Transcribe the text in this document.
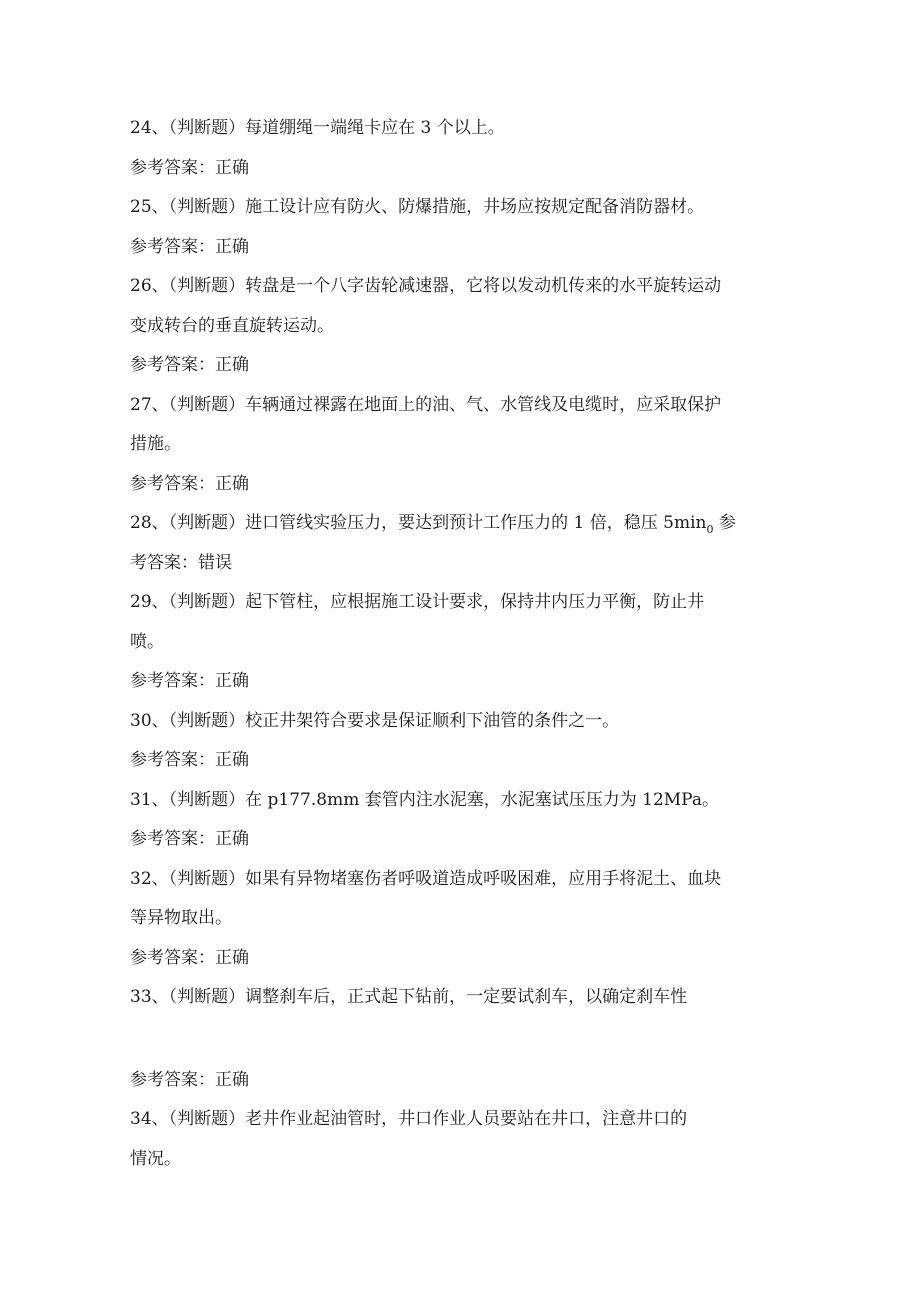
24、（判断题）每道绷绳一端绳卡应在 3 个以上。
参考答案：正确
25、（判断题）施工设计应有防火、防爆措施，井场应按规定配备消防器材。
参考答案：正确
26、（判断题）转盘是一个八字齿轮减速器，它将以发动机传来的水平旋转运动
变成转台的垂直旋转运动。
参考答案：正确
27、（判断题）车辆通过裸露在地面上的油、气、水管线及电缆时，应采取保护
措施。
参考答案：正确
28、（判断题）进口管线实验压力，要达到预计工作压力的 1 倍，稳压 $5\min_0$ 参
考答案：错误
29、（判断题）起下管柱，应根据施工设计要求，保持井内压力平衡，防止井
喷。
参考答案：正确
30、（判断题）校正井架符合要求是保证顺利下油管的条件之一。
参考答案：正确
31、（判断题）在 p177.8mm 套管内注水泥塞，水泥塞试压压力为 12MPa。
参考答案：正确
32、（判断题）如果有异物堵塞伤者呼吸道造成呼吸困难，应用手将泥土、血块
等异物取出。
参考答案：正确
33、（判断题）调整刹车后，正式起下钻前，一定要试刹车，以确定刹车性
参考答案：正确
34、（判断题）老井作业起油管时，井口作业人员要站在井口，注意井口的
情况。
